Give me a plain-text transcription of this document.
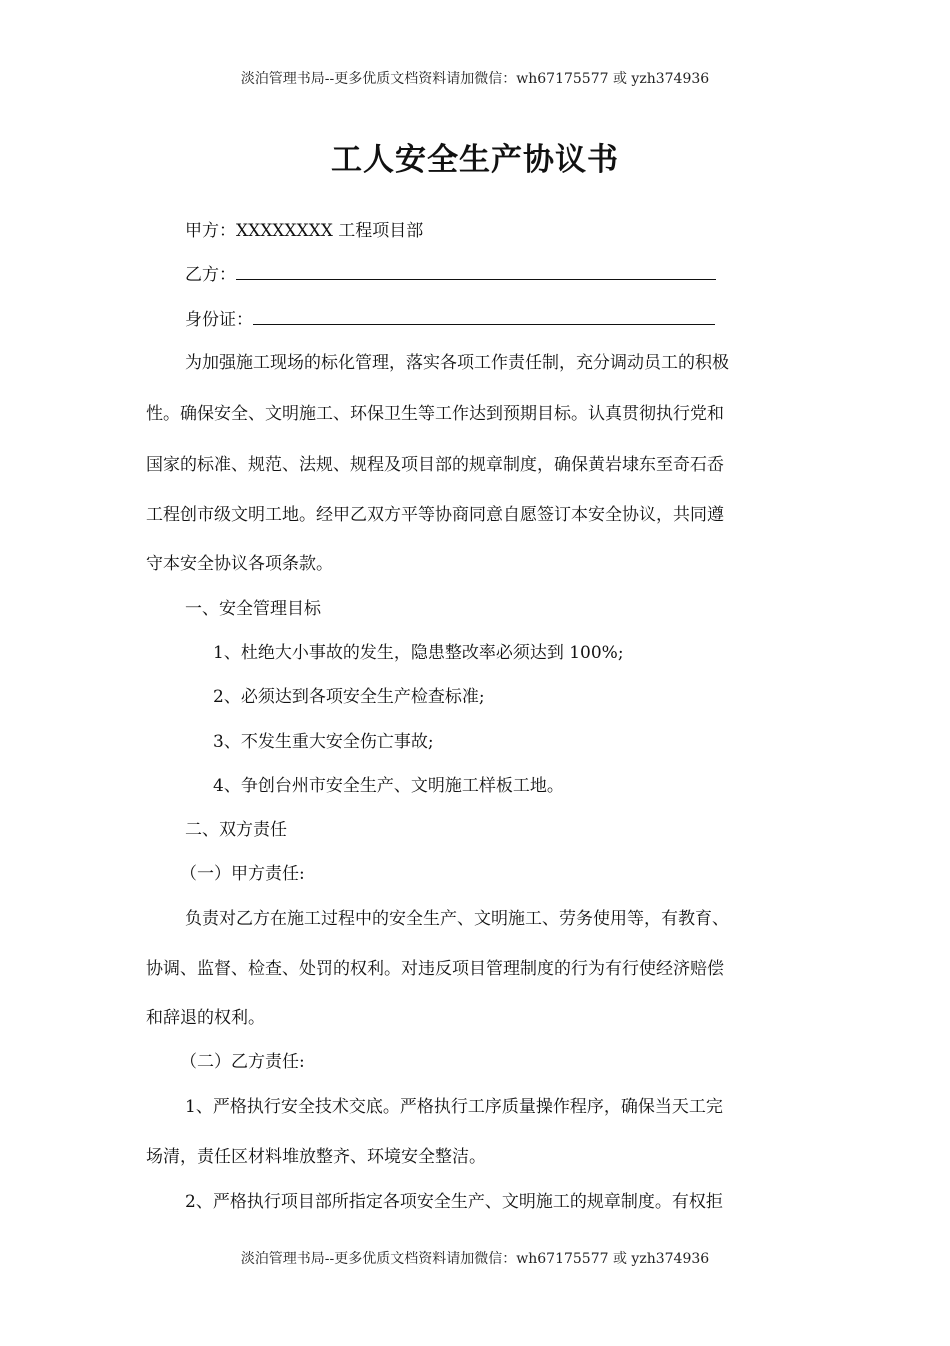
淡泊管理书局--更多优质文档资料请加微信：wh67175577 或 yzh374936
工人安全生产协议书
甲方：XXXXXXXX 工程项目部
乙方：
身份证：
为加强施工现场的标化管理，落实各项工作责任制，充分调动员工的积极
性。确保安全、文明施工、环保卫生等工作达到预期目标。认真贯彻执行党和
国家的标准、规范、法规、规程及项目部的规章制度，确保黄岩埭东至奇石岙
工程创市级文明工地。经甲乙双方平等协商同意自愿签订本安全协议，共同遵
守本安全协议各项条款。
一、安全管理目标
1、杜绝大小事故的发生，隐患整改率必须达到 100%;
2、必须达到各项安全生产检查标准;
3、不发生重大安全伤亡事故;
4、争创台州市安全生产、文明施工样板工地。
二、双方责任
（一）甲方责任:
负责对乙方在施工过程中的安全生产、文明施工、劳务使用等，有教育、
协调、监督、检查、处罚的权利。对违反项目管理制度的行为有行使经济赔偿
和辞退的权利。
（二）乙方责任:
1、严格执行安全技术交底。严格执行工序质量操作程序，确保当天工完
场清，责任区材料堆放整齐、环境安全整洁。
2、严格执行项目部所指定各项安全生产、文明施工的规章制度。有权拒
淡泊管理书局--更多优质文档资料请加微信：wh67175577 或 yzh374936
